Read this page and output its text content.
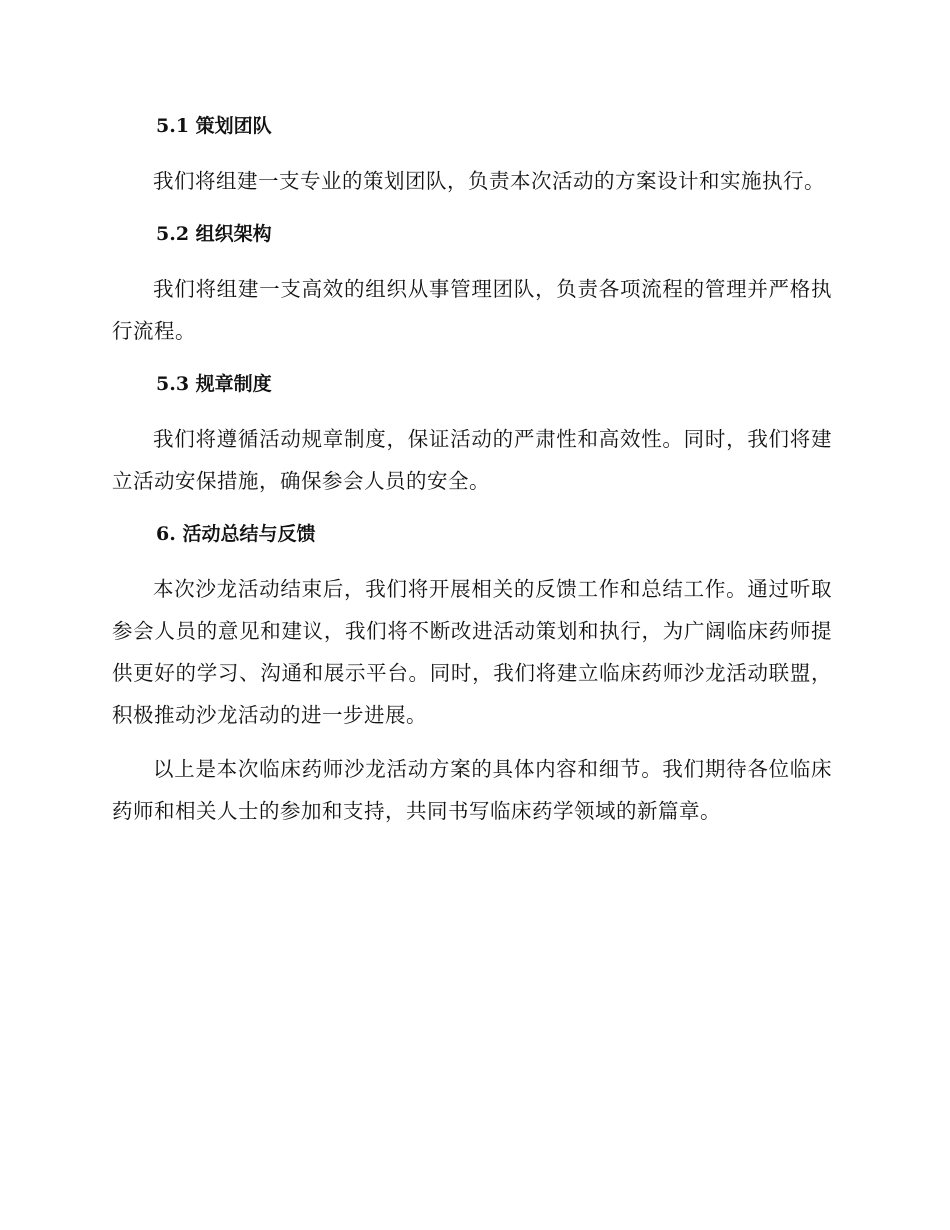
5.1 策划团队

我们将组建一支专业的策划团队，负责本次活动的方案设计和实施执行。

5.2 组织架构

我们将组建一支高效的组织从事管理团队，负责各项流程的管理并严格执行流程。

5.3 规章制度

我们将遵循活动规章制度，保证活动的严肃性和高效性。同时，我们将建立活动安保措施，确保参会人员的安全。

6. 活动总结与反馈

本次沙龙活动结束后，我们将开展相关的反馈工作和总结工作。通过听取参会人员的意见和建议，我们将不断改进活动策划和执行，为广阔临床药师提供更好的学习、沟通和展示平台。同时，我们将建立临床药师沙龙活动联盟，积极推动沙龙活动的进一步进展。

以上是本次临床药师沙龙活动方案的具体内容和细节。我们期待各位临床药师和相关人士的参加和支持，共同书写临床药学领域的新篇章。
